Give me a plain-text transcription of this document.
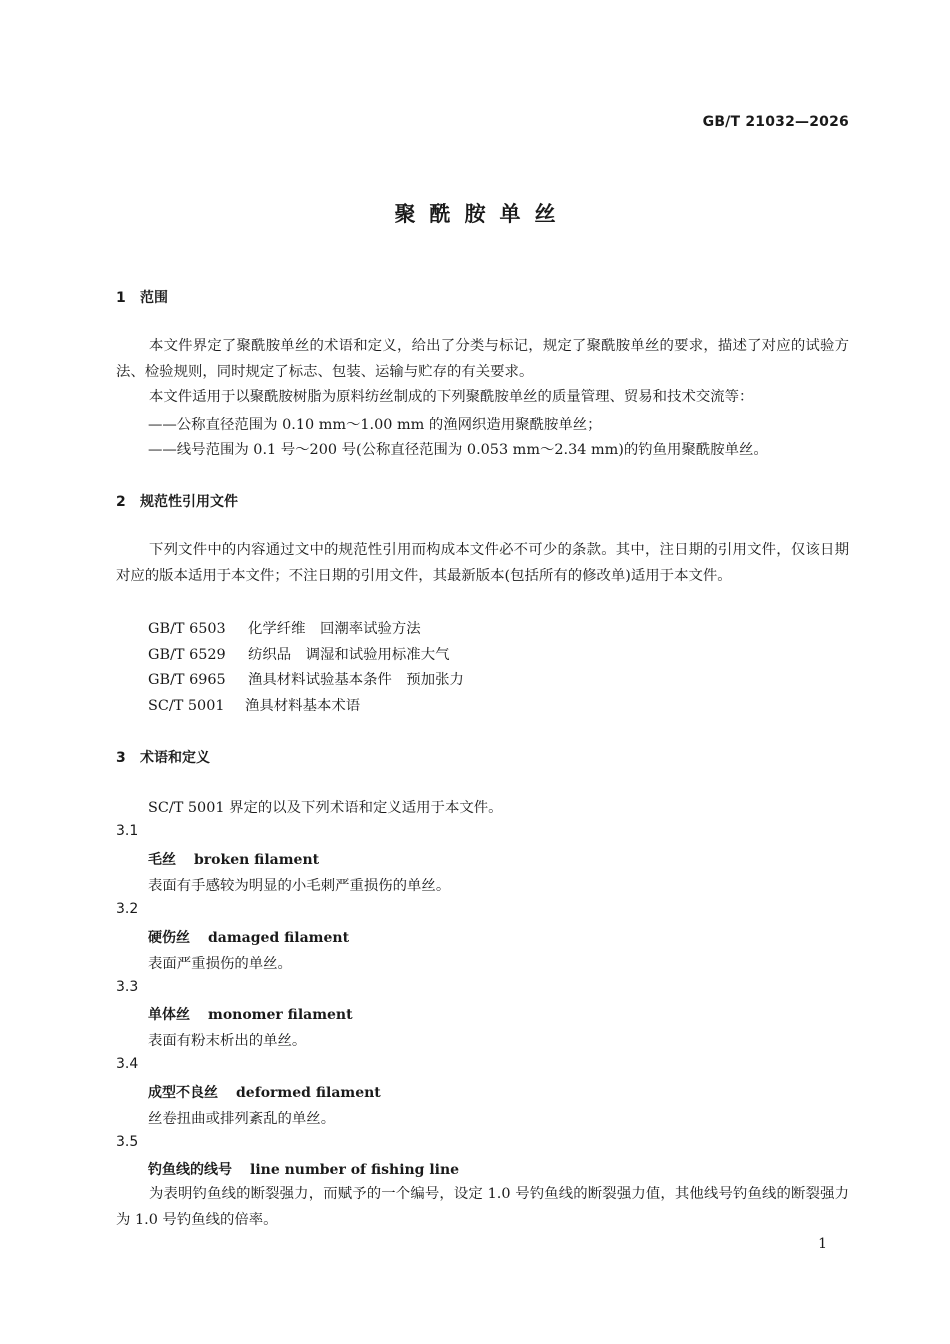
GB/T 21032—2026
聚酰胺单丝
1 范围
本文件界定了聚酰胺单丝的术语和定义，给出了分类与标记，规定了聚酰胺单丝的要求，描述了对应的试验方法、检验规则，同时规定了标志、包装、运输与贮存的有关要求。
本文件适用于以聚酰胺树脂为原料纺丝制成的下列聚酰胺单丝的质量管理、贸易和技术交流等：
——公称直径范围为 0.10 mm～1.00 mm 的渔网织造用聚酰胺单丝；
——线号范围为 0.1 号～200 号(公称直径范围为 0.053 mm～2.34 mm)的钓鱼用聚酰胺单丝。
2 规范性引用文件
下列文件中的内容通过文中的规范性引用而构成本文件必不可少的条款。其中，注日期的引用文件，仅该日期对应的版本适用于本文件；不注日期的引用文件，其最新版本(包括所有的修改单)适用于本文件。
GB/T 6503 化学纤维　回潮率试验方法
GB/T 6529 纺织品　调湿和试验用标准大气
GB/T 6965 渔具材料试验基本条件　预加张力
SC/T 5001 渔具材料基本术语
3 术语和定义
SC/T 5001 界定的以及下列术语和定义适用于本文件。
3.1
毛丝 broken filament
表面有手感较为明显的小毛刺严重损伤的单丝。
3.2
硬伤丝 damaged filament
表面严重损伤的单丝。
3.3
单体丝 monomer filament
表面有粉末析出的单丝。
3.4
成型不良丝 deformed filament
丝卷扭曲或排列紊乱的单丝。
3.5
钓鱼线的线号 line number of fishing line
为表明钓鱼线的断裂强力，而赋予的一个编号，设定 1.0 号钓鱼线的断裂强力值，其他线号钓鱼线的断裂强力为 1.0 号钓鱼线的倍率。
1
